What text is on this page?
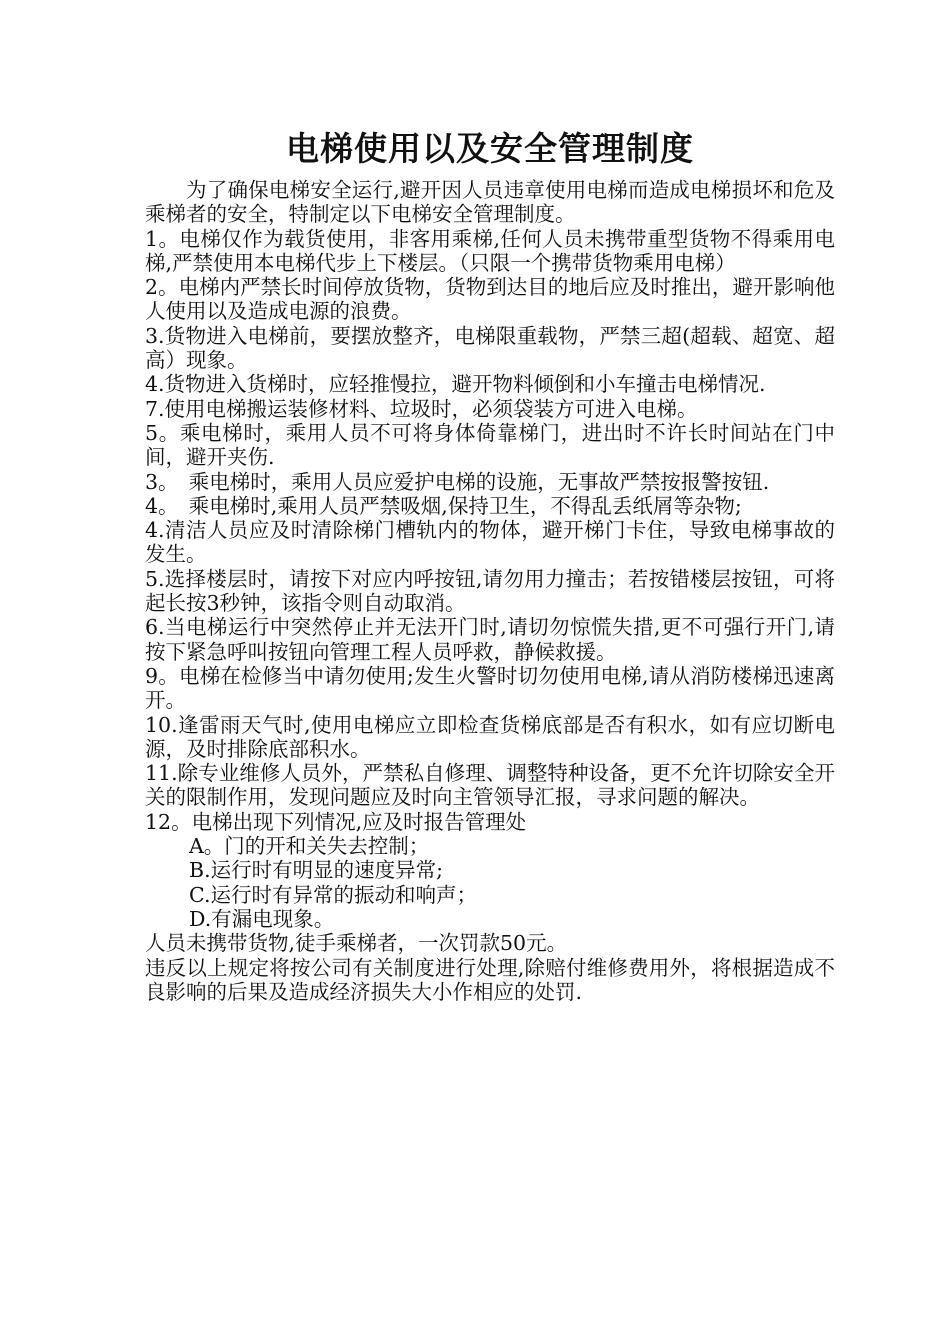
电梯使用以及安全管理制度

为了确保电梯安全运行,避开因人员违章使用电梯而造成电梯损坏和危及乘梯者的安全，特制定以下电梯安全管理制度。

1。电梯仅作为载货使用，非客用乘梯,任何人员未携带重型货物不得乘用电梯,严禁使用本电梯代步上下楼层。（只限一个携带货物乘用电梯）

2。电梯内严禁长时间停放货物，货物到达目的地后应及时推出，避开影响他人使用以及造成电源的浪费。

3.货物进入电梯前，要摆放整齐，电梯限重载物，严禁三超(超载、超宽、超高）现象。

4.货物进入货梯时，应轻推慢拉，避开物料倾倒和小车撞击电梯情况.

7.使用电梯搬运装修材料、垃圾时，必须袋装方可进入电梯。

5。乘电梯时，乘用人员不可将身体倚靠梯门，进出时不许长时间站在门中间，避开夹伤.

3。　乘电梯时，乘用人员应爱护电梯的设施，无事故严禁按报警按钮.

4。　乘电梯时,乘用人员严禁吸烟,保持卫生，不得乱丢纸屑等杂物;

4.清洁人员应及时清除梯门槽轨内的物体，避开梯门卡住，导致电梯事故的发生。

5.选择楼层时，请按下对应内呼按钮,请勿用力撞击；若按错楼层按钮，可将起长按3秒钟，该指令则自动取消。

6.当电梯运行中突然停止并无法开门时,请切勿惊慌失措,更不可强行开门,请按下紧急呼叫按钮向管理工程人员呼救，静候救援。

9。电梯在检修当中请勿使用;发生火警时切勿使用电梯,请从消防楼梯迅速离开。

10.逢雷雨天气时,使用电梯应立即检查货梯底部是否有积水，如有应切断电源，及时排除底部积水。

11.除专业维修人员外，严禁私自修理、调整特种设备，更不允许切除安全开关的限制作用，发现问题应及时向主管领导汇报，寻求问题的解决。

12。电梯出现下列情况,应及时报告管理处

A。门的开和关失去控制；

B.运行时有明显的速度异常;

C.运行时有异常的振动和响声；

D.有漏电现象。

人员未携带货物,徒手乘梯者，一次罚款50元。

违反以上规定将按公司有关制度进行处理,除赔付维修费用外，将根据造成不良影响的后果及造成经济损失大小作相应的处罚.
